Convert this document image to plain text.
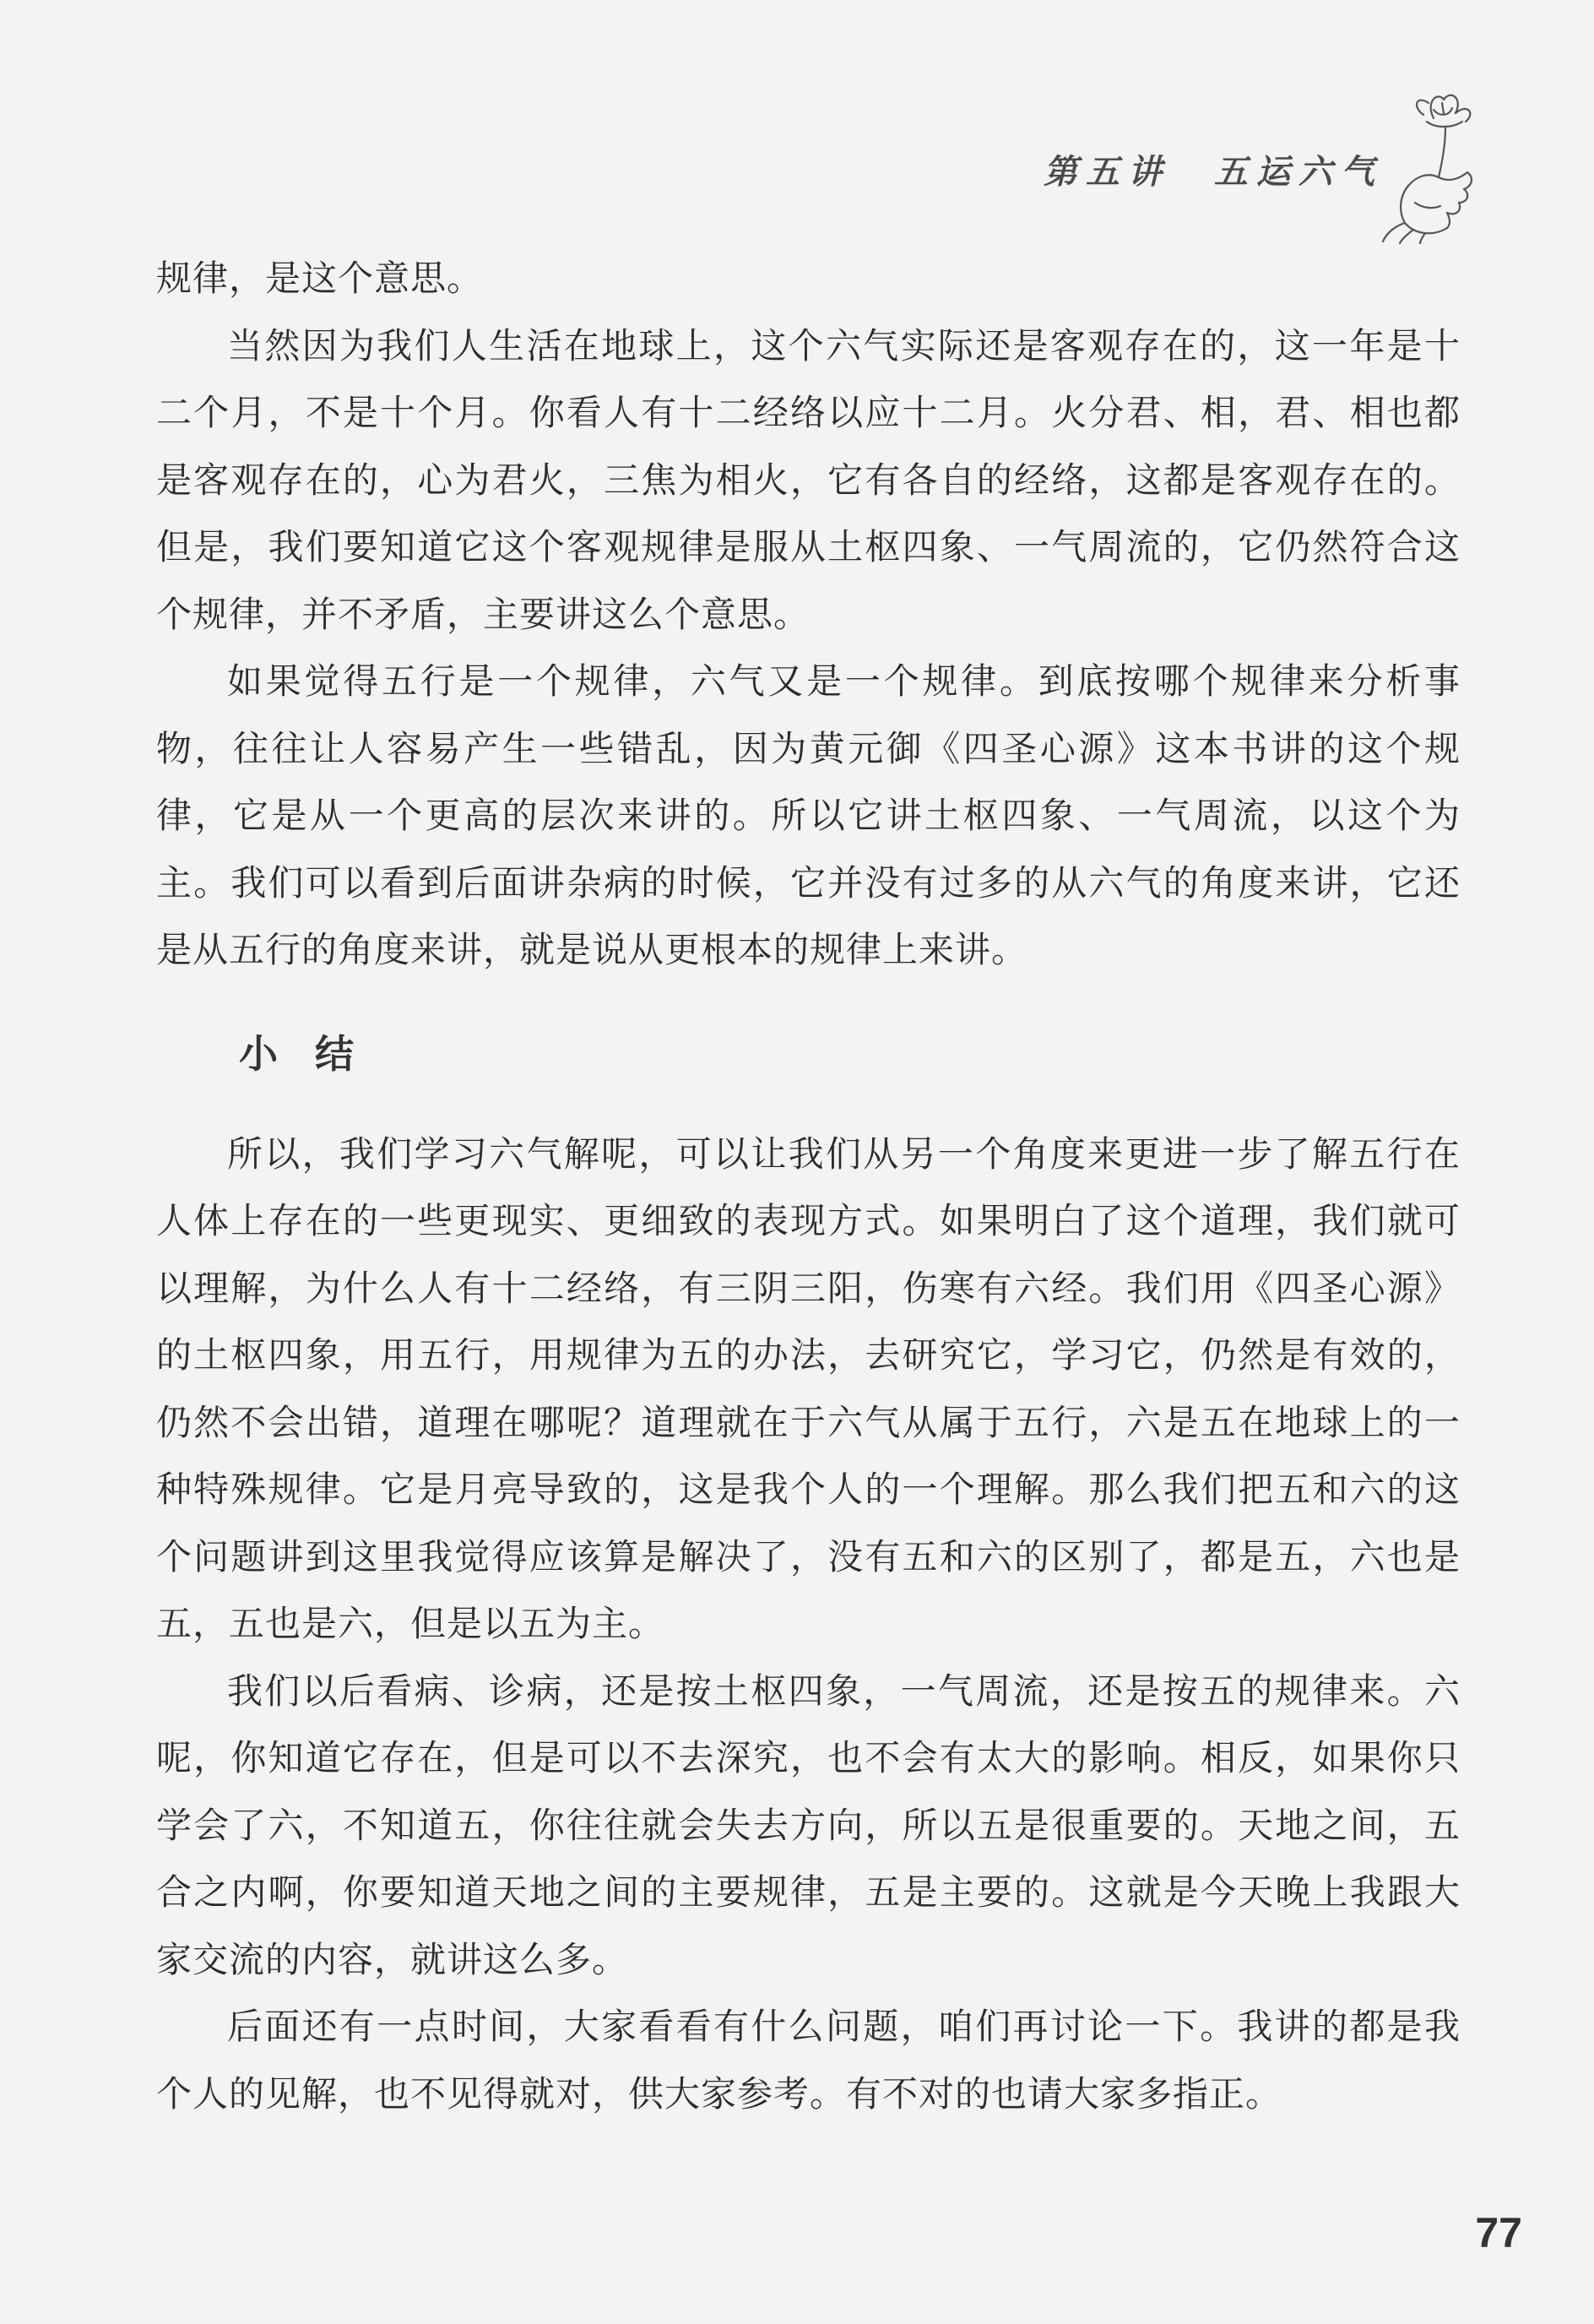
第五讲 五运六气

规律，是这个意思。

当然因为我们人生活在地球上，这个六气实际还是客观存在的，这一年是十二个月，不是十个月。你看人有十二经络以应十二月。火分君、相，君、相也都是客观存在的，心为君火，三焦为相火，它有各自的经络，这都是客观存在的。但是，我们要知道它这个客观规律是服从土枢四象、一气周流的，它仍然符合这个规律，并不矛盾，主要讲这么个意思。

如果觉得五行是一个规律，六气又是一个规律。到底按哪个规律来分析事物，往往让人容易产生一些错乱，因为黄元御《四圣心源》这本书讲的这个规律，它是从一个更高的层次来讲的。所以它讲土枢四象、一气周流，以这个为主。我们可以看到后面讲杂病的时候，它并没有过多的从六气的角度来讲，它还是从五行的角度来讲，就是说从更根本的规律上来讲。

小结

所以，我们学习六气解呢，可以让我们从另一个角度来更进一步了解五行在人体上存在的一些更现实、更细致的表现方式。如果明白了这个道理，我们就可以理解，为什么人有十二经络，有三阴三阳，伤寒有六经。我们用《四圣心源》的土枢四象，用五行，用规律为五的办法，去研究它，学习它，仍然是有效的，仍然不会出错，道理在哪呢？道理就在于六气从属于五行，六是五在地球上的一种特殊规律。它是月亮导致的，这是我个人的一个理解。那么我们把五和六的这个问题讲到这里我觉得应该算是解决了，没有五和六的区别了，都是五，六也是五，五也是六，但是以五为主。

我们以后看病、诊病，还是按土枢四象，一气周流，还是按五的规律来。六呢，你知道它存在，但是可以不去深究，也不会有太大的影响。相反，如果你只学会了六，不知道五，你往往就会失去方向，所以五是很重要的。天地之间，五合之内啊，你要知道天地之间的主要规律，五是主要的。这就是今天晚上我跟大家交流的内容，就讲这么多。

后面还有一点时间，大家看看有什么问题，咱们再讨论一下。我讲的都是我个人的见解，也不见得就对，供大家参考。有不对的也请大家多指正。

77
